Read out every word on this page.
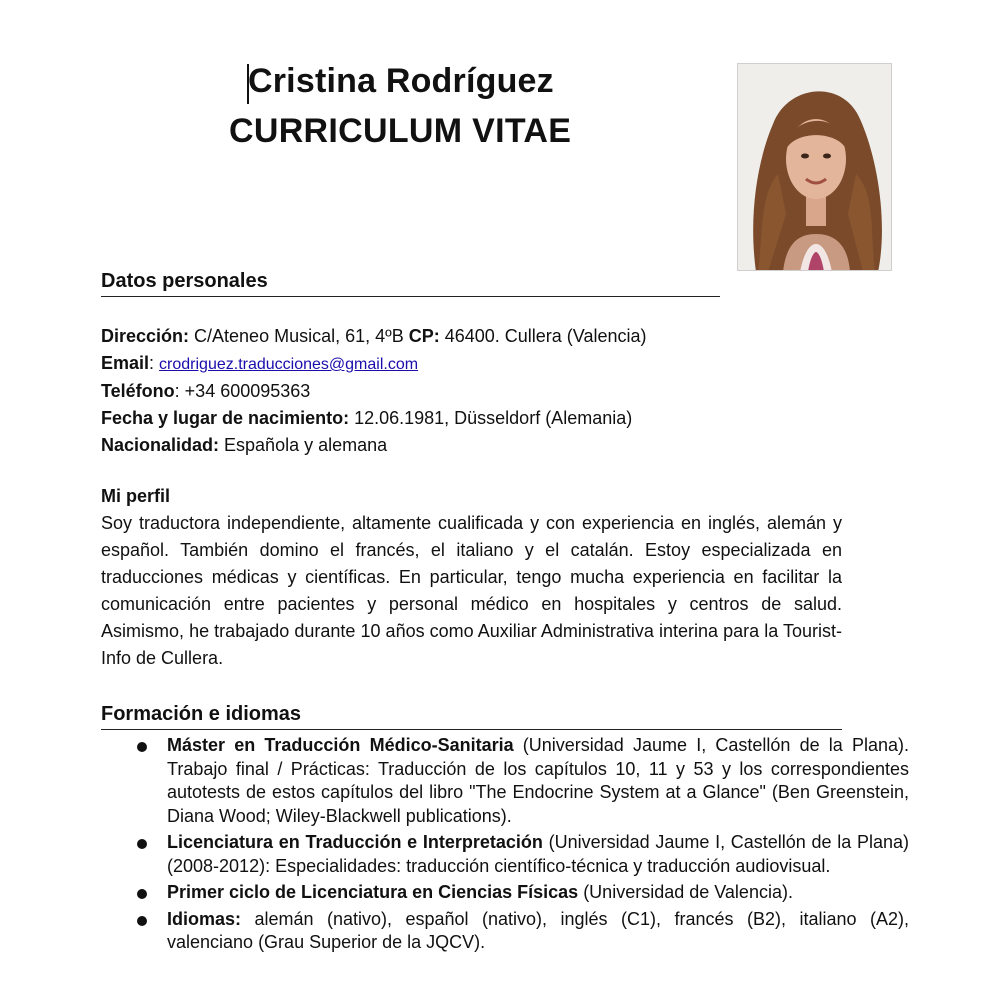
Cristina Rodríguez
CURRICULUM VITAE
Datos personales
Dirección: C/Ateneo Musical, 61, 4ºB CP: 46400. Cullera (Valencia)
Email: crodriguez.traducciones@gmail.com
Teléfono: +34 600095363
Fecha y lugar de nacimiento: 12.06.1981, Düsseldorf (Alemania)
Nacionalidad: Española y alemana
Mi perfil

Soy traductora independiente, altamente cualificada y con experiencia en inglés, alemán y español. También domino el francés, el italiano y el catalán. Estoy especializada en traducciones médicas y científicas. En particular, tengo mucha experiencia en facilitar la comunicación entre pacientes y personal médico en hospitales y centros de salud. Asimismo, he trabajado durante 10 años como Auxiliar Administrativa interina para la Tourist-Info de Cullera.

Formación e idiomas
Máster en Traducción Médico-Sanitaria (Universidad Jaume I, Castellón de la Plana). Trabajo final / Prácticas: Traducción de los capítulos 10, 11 y 53 y los correspondientes autotests de estos capítulos del libro "The Endocrine System at a Glance" (Ben Greenstein, Diana Wood; Wiley-Blackwell publications).
Licenciatura en Traducción e Interpretación (Universidad Jaume I, Castellón de la Plana) (2008-2012): Especialidades: traducción científico-técnica y traducción audiovisual.
Primer ciclo de Licenciatura en Ciencias Físicas (Universidad de Valencia).
Idiomas: alemán (nativo), español (nativo), inglés (C1), francés (B2), italiano (A2), valenciano (Grau Superior de la JQCV).
